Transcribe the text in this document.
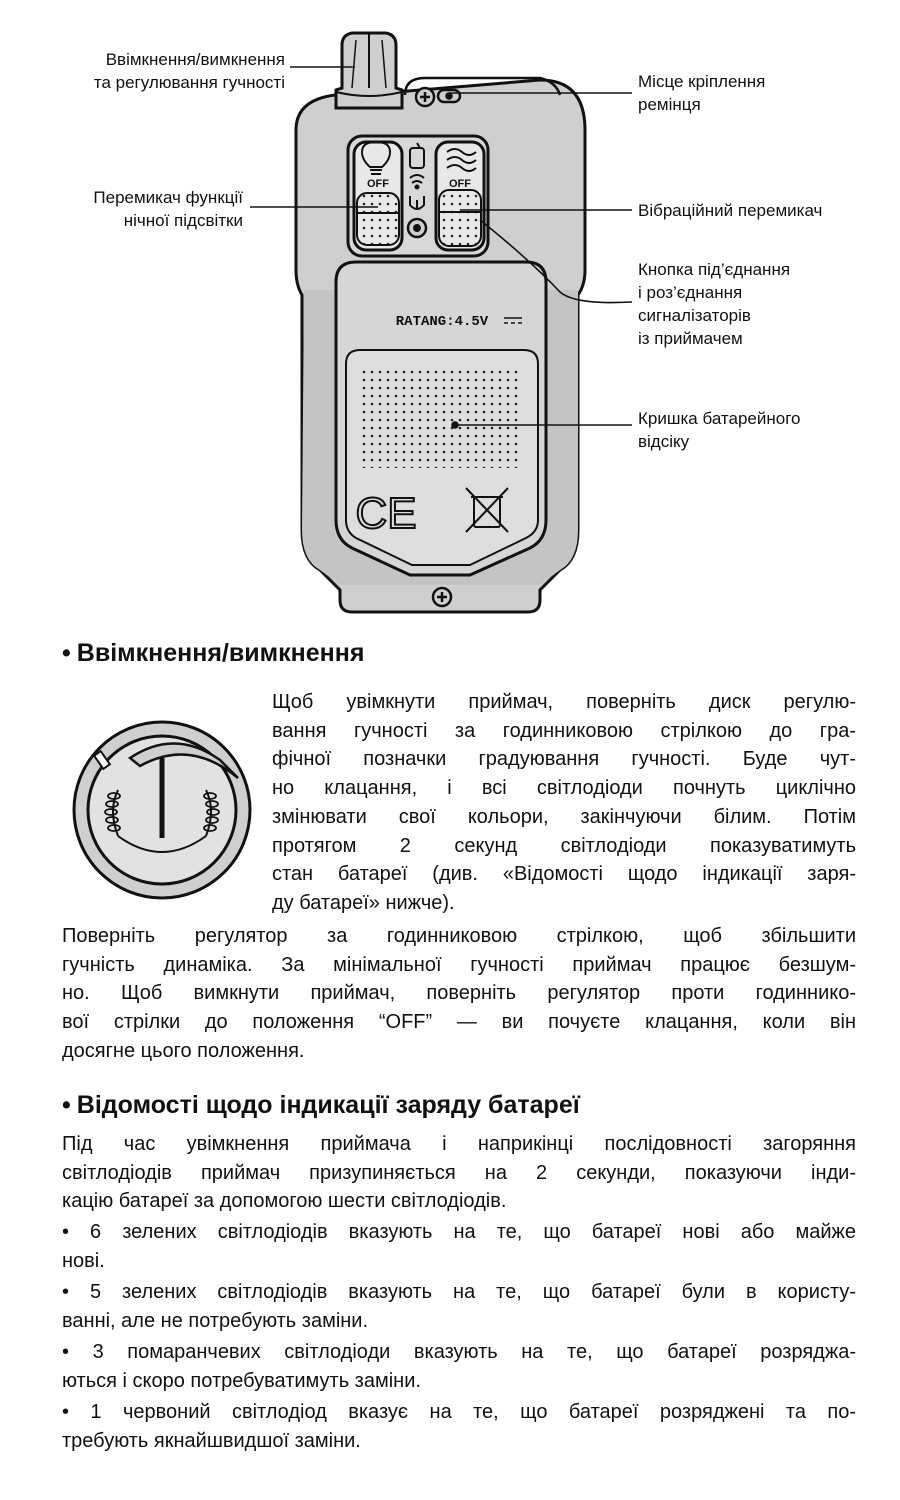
OFF	OFF
RATANG:4.5V
CE

Ввімкнення/вимкнення
та регулювання гучності	Місце кріплення
ремінця

Перемикач функції
нічної підсвітки

Вібраційний перемикач

Кнопка під’єднання
і роз’єднання
сигналізаторів
із приймачем

Кришка батарейного
відсіку

• Ввімкнення/вимкнення
Щоб увімкнути приймач, поверніть диск регулю-
вання гучності за годинниковою стрілкою до гра-
фічної позначки градуювання гучності. Буде чут-
но клацання, і всі світлодіоди почнуть циклічно
змінювати свої кольори, закінчуючи білим. Потім
протягом 2 секунд світлодіоди показуватимуть
стан батареї (див. «Відомості щодо індикації заря-
ду батареї» нижче).
Поверніть регулятор за годинниковою стрілкою, щоб збільшити
гучність динаміка. За мінімальної гучності приймач працює безшум-
но. Щоб вимкнути приймач, поверніть регулятор проти годиннико-
вої стрілки до положення “OFF” — ви почуєте клацання, коли він
досягне цього положення.
• Відомості щодо індикації заряду батареї
Під час увімкнення приймача і наприкінці послідовності загоряння
світлодіодів приймач призупиняється на 2 секунди, показуючи інди-
кацію батареї за допомогою шести світлодіодів.
• 6 зелених світлодіодів вказують на те, що батареї нові або майже
нові.
• 5 зелених світлодіодів вказують на те, що батареї були в користу-
ванні, але не потребують заміни.
• 3 помаранчевих світлодіоди вказують на те, що батареї розряджа-
ються і скоро потребуватимуть заміни.
• 1 червоний світлодіод вказує на те, що батареї розряджені та по-
требують якнайшвидшої заміни.
